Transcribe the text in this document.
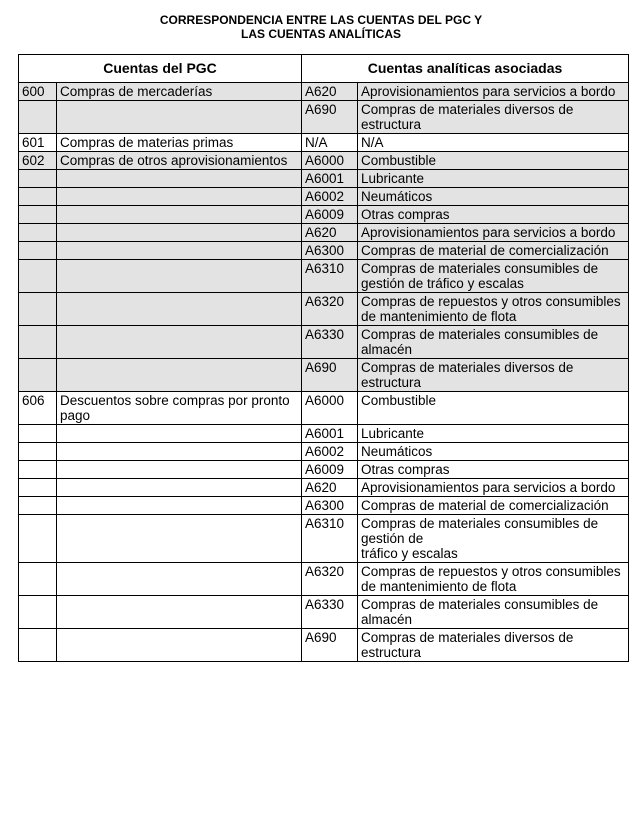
CORRESPONDENCIA ENTRE LAS CUENTAS DEL PGC Y
LAS CUENTAS ANALÍTICAS
Cuentas del PGC		Cuentas analíticas asociadas	
600	Compras de mercaderías	A620	Aprovisionamientos para servicios a bordo
		A690	Compras de materiales diversos de estructura
601	Compras de materias primas	N/A	N/A
602	Compras de otros aprovisionamientos	A6000	Combustible
		A6001	Lubricante
		A6002	Neumáticos
		A6009	Otras compras
		A620	Aprovisionamientos para servicios a bordo
		A6300	Compras de material de comercialización
		A6310	Compras de materiales consumibles de gestión de tráfico y escalas
		A6320	Compras de repuestos y otros consumibles de mantenimiento de flota
		A6330	Compras de materiales consumibles de almacén
		A690	Compras de materiales diversos de estructura
606	Descuentos sobre compras por pronto pago	A6000	Combustible
		A6001	Lubricante
		A6002	Neumáticos
		A6009	Otras compras
		A620	Aprovisionamientos para servicios a bordo
		A6300	Compras de material de comercialización
		A6310	Compras de materiales consumibles de gestión de
tráfico y escalas
		A6320	Compras de repuestos y otros consumibles de mantenimiento de flota
		A6330	Compras de materiales consumibles de almacén
		A690	Compras de materiales diversos de estructura
